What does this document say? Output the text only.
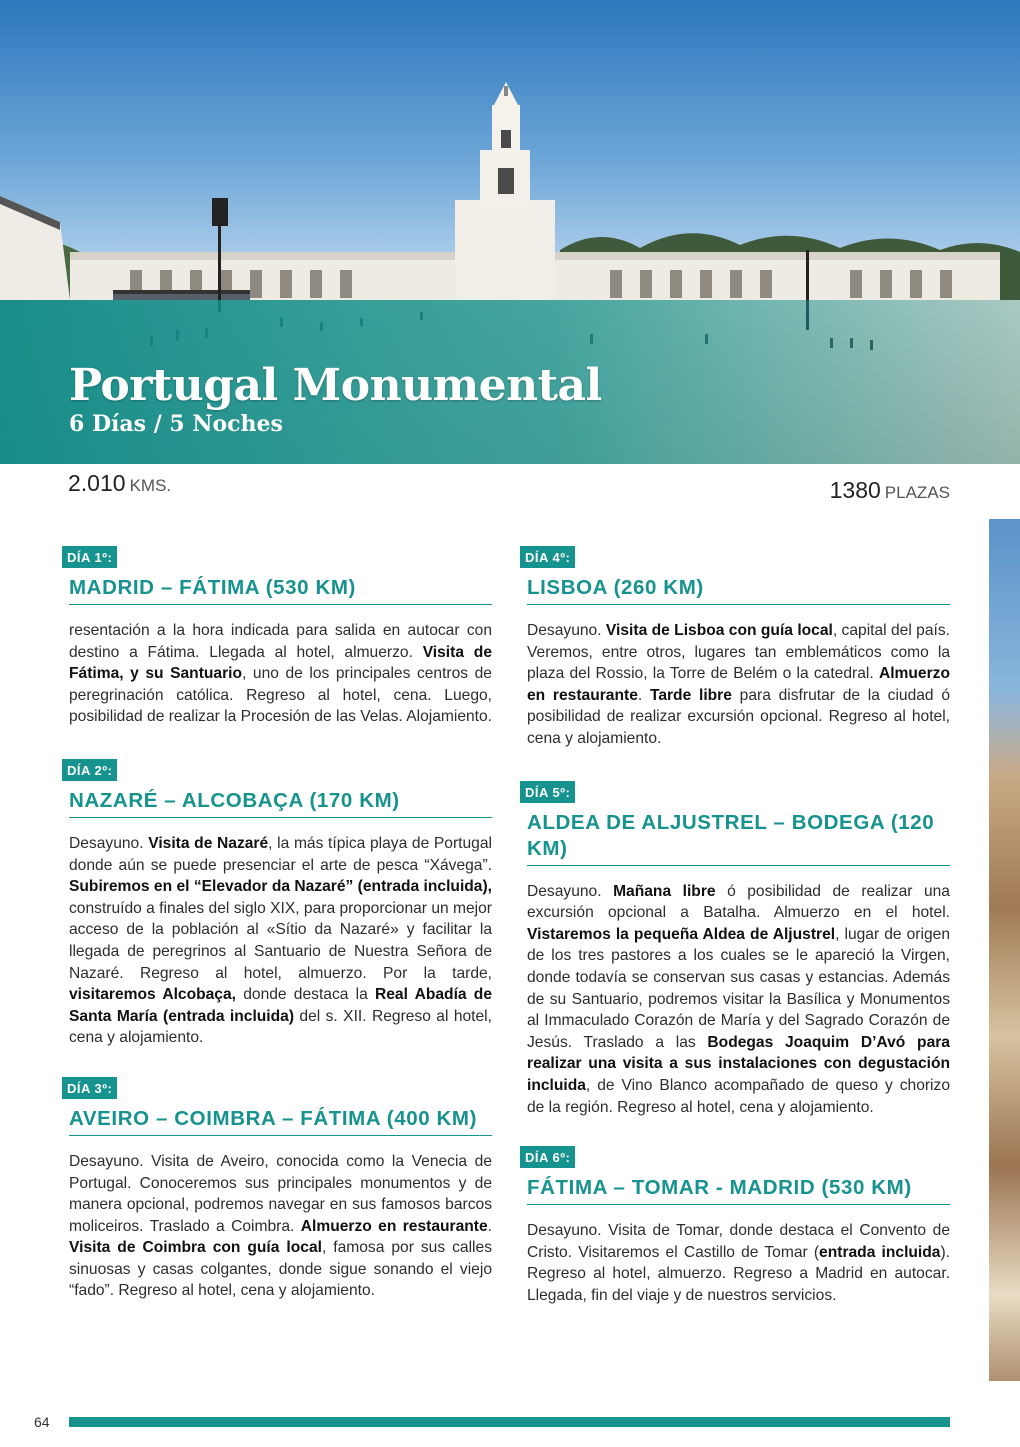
Portugal Monumental
6 Días / 5 Noches
2.010 KMS.	1380 PLAZAS
DÍA 1º:
MADRID – FÁTIMA (530 KM)

resentación a la hora indicada para salida en autocar con destino a Fátima. Llegada al hotel, almuerzo. Visita de Fátima, y su Santuario, uno de los principales centros de peregrinación católica. Regreso al hotel, cena. Luego, posibilidad de realizar la Procesión de las Velas. Alojamiento.

DÍA 2º:
NAZARÉ – ALCOBAÇA (170 KM)

Desayuno. Visita de Nazaré, la más típica playa de Portugal donde aún se puede presenciar el arte de pesca “Xávega”. Subiremos en el “Elevador da Nazaré” (entrada incluida), construído a finales del siglo XIX, para proporcionar un mejor acceso de la población al «Sítio da Nazaré» y facilitar la llegada de peregrinos al Santuario de Nuestra Señora de Nazaré. Regreso al hotel, almuerzo. Por la tarde, visitaremos Alcobaça, donde destaca la Real Abadía de Santa María (entrada incluida) del s. XII. Regreso al hotel, cena y alojamiento.

DÍA 3º:
AVEIRO – COIMBRA – FÁTIMA (400 KM)

Desayuno. Visita de Aveiro, conocida como la Venecia de Portugal. Conoceremos sus principales monumentos y de manera opcional, podremos navegar en sus famosos barcos moliceiros. Traslado a Coimbra. Almuerzo en restaurante. Visita de Coimbra con guía local, famosa por sus calles sinuosas y casas colgantes, donde sigue sonando el viejo “fado”. Regreso al hotel, cena y alojamiento.

DÍA 4º:
LISBOA (260 KM)

Desayuno. Visita de Lisboa con guía local, capital del país. Veremos, entre otros, lugares tan emblemáticos como la plaza del Rossio, la Torre de Belém o la catedral. Almuerzo en restaurante. Tarde libre para disfrutar de la ciudad ó posibilidad de realizar excursión opcional. Regreso al hotel, cena y alojamiento.

DÍA 5º:
ALDEA DE ALJUSTREL – BODEGA (120 KM)

Desayuno. Mañana libre ó posibilidad de realizar una excursión opcional a Batalha. Almuerzo en el hotel. Vistaremos la pequeña Aldea de Aljustrel, lugar de origen de los tres pastores a los cuales se le apareció la Virgen, donde todavía se conservan sus casas y estancias. Además de su Santuario, podremos visitar la Basílica y Monumentos al Immaculado Corazón de María y del Sagrado Corazón de Jesús. Traslado a las Bodegas Joaquim D’Avó para realizar una visita a sus instalaciones con degustación incluida, de Vino Blanco acompañado de queso y chorizo de la región. Regreso al hotel, cena y alojamiento.

DÍA 6º:
FÁTIMA – TOMAR - MADRID (530 KM)

Desayuno. Visita de Tomar, donde destaca el Convento de Cristo. Visitaremos el Castillo de Tomar (entrada incluida). Regreso al hotel, almuerzo. Regreso a Madrid en autocar. Llegada, fin del viaje y de nuestros servicios.

64
